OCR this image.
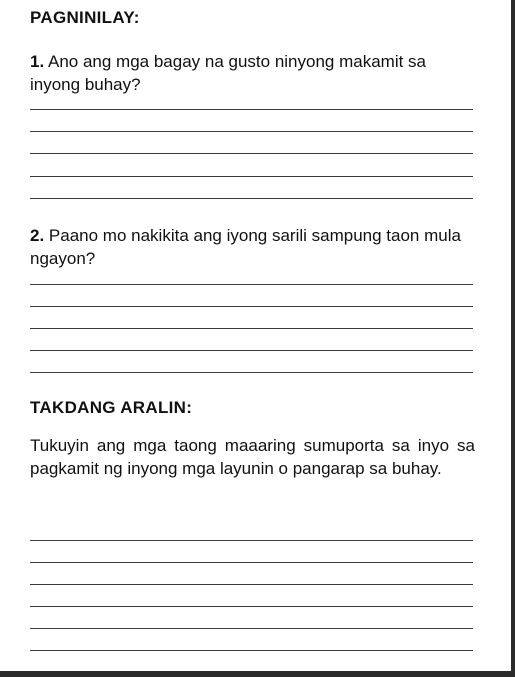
PAGNINILAY:

1. Ano ang mga bagay na gusto ninyong makamit sa inyong buhay?

2. Paano mo nakikita ang iyong sarili sampung taon mula ngayon?

TAKDANG ARALIN:

Tukuyin ang mga taong maaaring sumuporta sa inyo sa pagkamit ng inyong mga layunin o pangarap sa buhay.
